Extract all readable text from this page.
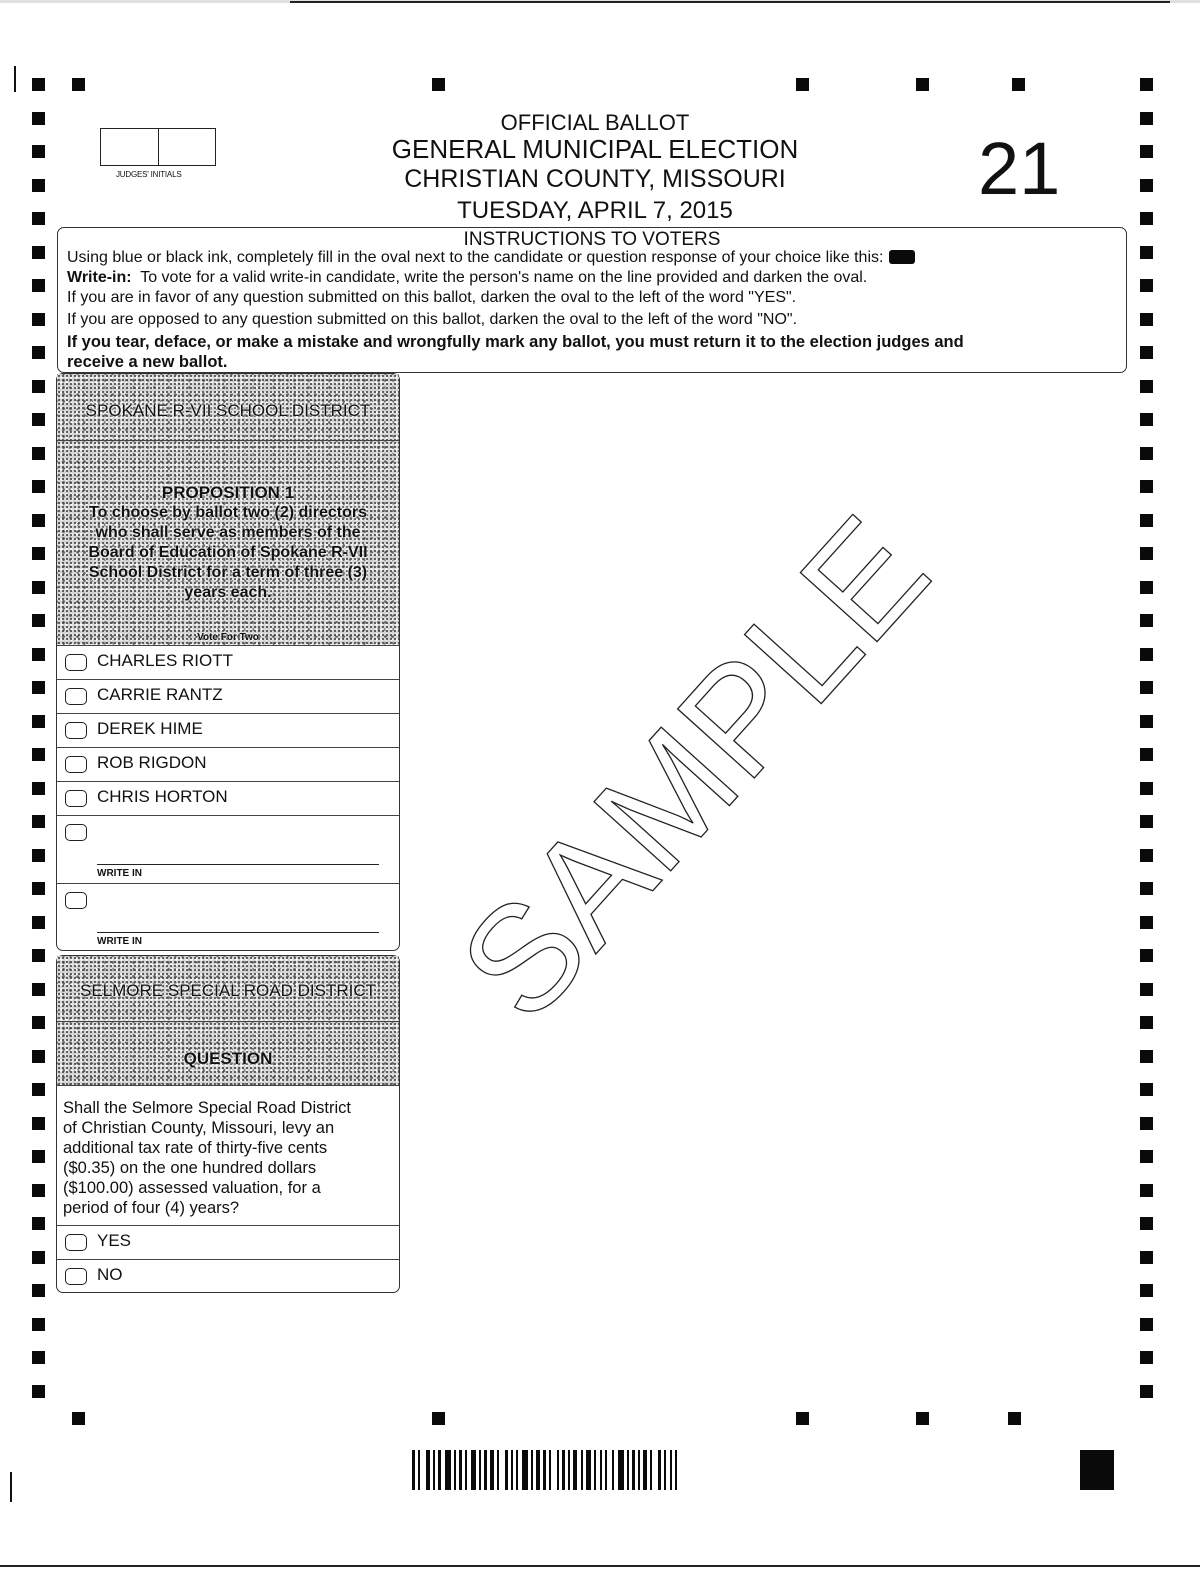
JUDGES' INITIALS
OFFICIAL BALLOT
GENERAL MUNICIPAL ELECTION
CHRISTIAN COUNTY, MISSOURI
TUESDAY, APRIL 7, 2015
21
INSTRUCTIONS TO VOTERS
Using blue or black ink, completely fill in the oval next to the candidate or question response of your choice like this:
Write-in: To vote for a valid write-in candidate, write the person's name on the line provided and darken the oval.
If you are in favor of any question submitted on this ballot, darken the oval to the left of the word "YES".
If you are opposed to any question submitted on this ballot, darken the oval to the left of the word "NO".
If you tear, deface, or make a mistake and wrongfully mark any ballot, you must return it to the election judges and
receive a new ballot.
SPOKANE R-VII SCHOOL DISTRICT
PROPOSITION 1
To choose by ballot two (2) directors
who shall serve as members of the
Board of Education of Spokane R-VII
School District for a term of three (3)
years each.
Vote For Two
CHARLES RIOTT
CARRIE RANTZ
DEREK HIME
ROB RIGDON
CHRIS HORTON
WRITE IN
WRITE IN
SELMORE SPECIAL ROAD DISTRICT
QUESTION
Shall the Selmore Special Road District
of Christian County, Missouri, levy an
additional tax rate of thirty-five cents
($0.35) on the one hundred dollars
($100.00) assessed valuation, for a
period of four (4) years?
YES
NO
SAMPLE
